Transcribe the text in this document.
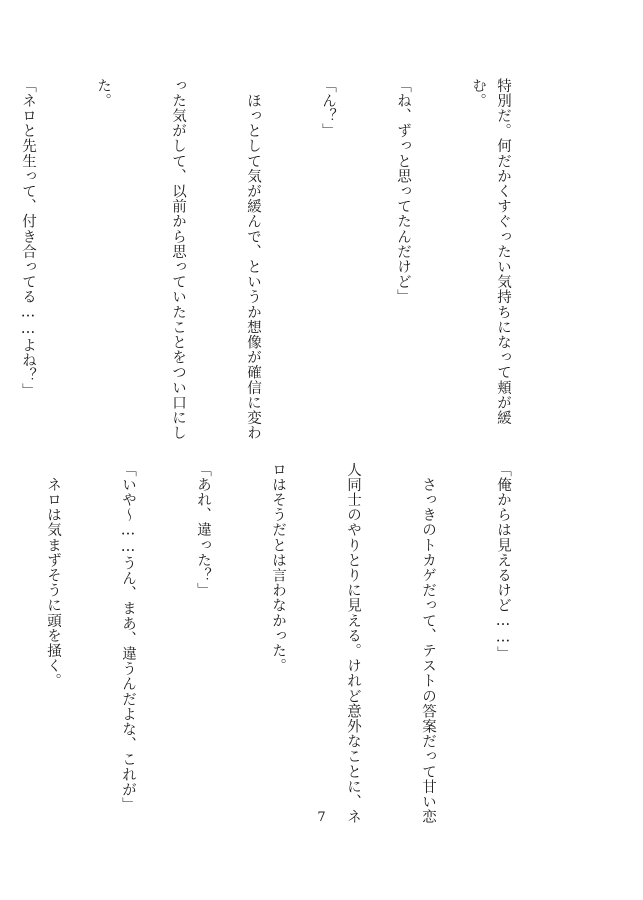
特別だ。何だかくすぐったい気持ちになって頬が緩む。

「ね、ずっと思ってたんだけど」

「ん？」

　ほっとして気が緩んで、というか想像が確信に変わ

った気がして、以前から思っていたことをつい口にし

た。

「ネロと先生って、付き合ってる……よね？」

「俺からは見えるけど……」

　さっきのトカゲだって、テストの答案だって甘い恋

人同士のやりとりに見える。けれど意外なことに、ネ

ロはそうだとは言わなかった。

「あれ、違った？」

「いや〜……うん、まあ、違うんだよな、これが」

　ネロは気まずそうに頭を掻く。

7
